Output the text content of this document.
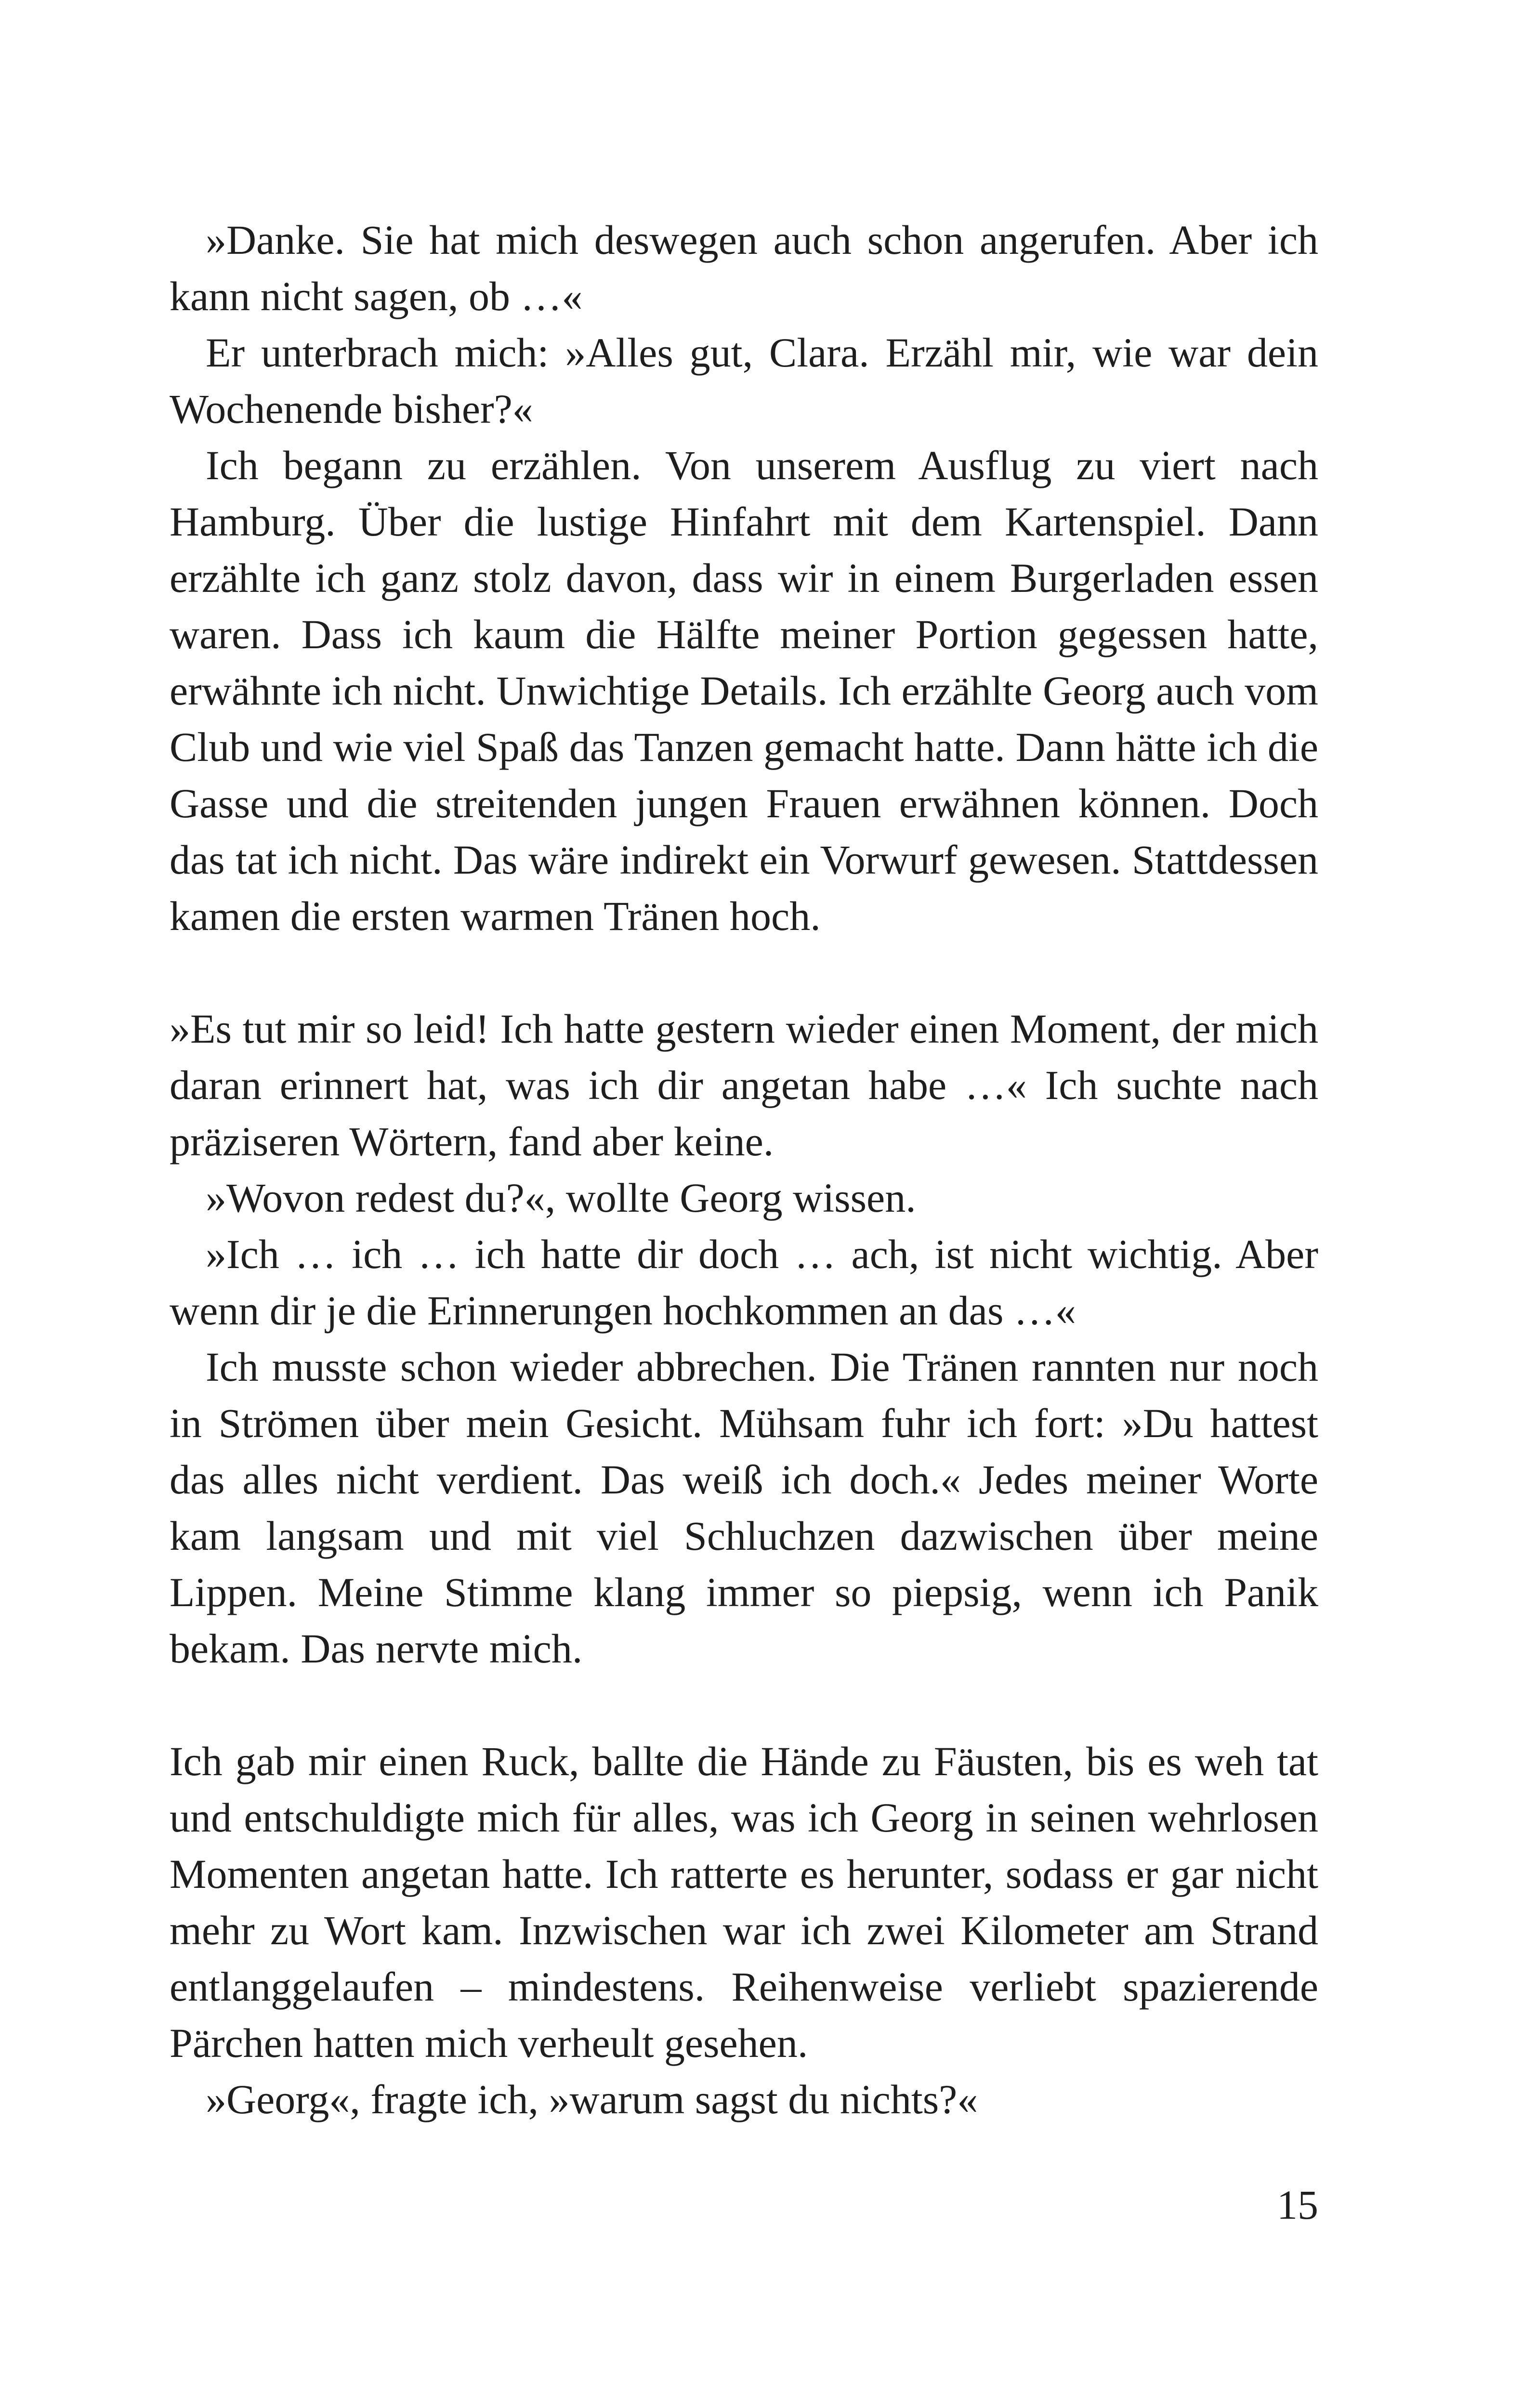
»Danke. Sie hat mich deswegen auch schon angerufen. Aber ich kann nicht sagen, ob …«

Er unterbrach mich: »Alles gut, Clara. Erzähl mir, wie war dein Wochenende bisher?«

Ich begann zu erzählen. Von unserem Ausflug zu viert nach Hamburg. Über die lustige Hinfahrt mit dem Kartenspiel. Dann erzählte ich ganz stolz davon, dass wir in einem Burgerladen essen waren. Dass ich kaum die Hälfte meiner Portion gegessen hatte, erwähnte ich nicht. Unwichtige Details. Ich erzählte Georg auch vom Club und wie viel Spaß das Tanzen gemacht hatte. Dann hätte ich die Gasse und die streitenden jungen Frauen erwähnen können. Doch das tat ich nicht. Das wäre indirekt ein Vorwurf gewesen. Stattdessen kamen die ersten warmen Tränen hoch.

»Es tut mir so leid! Ich hatte gestern wieder einen Moment, der mich daran erinnert hat, was ich dir angetan habe …« Ich suchte nach präziseren Wörtern, fand aber keine.

»Wovon redest du?«, wollte Georg wissen.

»Ich … ich … ich hatte dir doch … ach, ist nicht wichtig. Aber wenn dir je die Erinnerungen hochkommen an das …«

Ich musste schon wieder abbrechen. Die Tränen rannten nur noch in Strömen über mein Gesicht. Mühsam fuhr ich fort: »Du hattest das alles nicht verdient. Das weiß ich doch.« Jedes meiner Worte kam langsam und mit viel Schluchzen dazwischen über meine Lippen. Meine Stimme klang immer so piepsig, wenn ich Panik bekam. Das nervte mich.

Ich gab mir einen Ruck, ballte die Hände zu Fäusten, bis es weh tat und entschuldigte mich für alles, was ich Georg in seinen wehrlosen Momenten angetan hatte. Ich ratterte es herunter, sodass er gar nicht mehr zu Wort kam. Inzwischen war ich zwei Kilometer am Strand entlanggelaufen – mindestens. Reihenweise verliebt spazierende Pärchen hatten mich verheult gesehen.

»Georg«, fragte ich, »warum sagst du nichts?«

15
